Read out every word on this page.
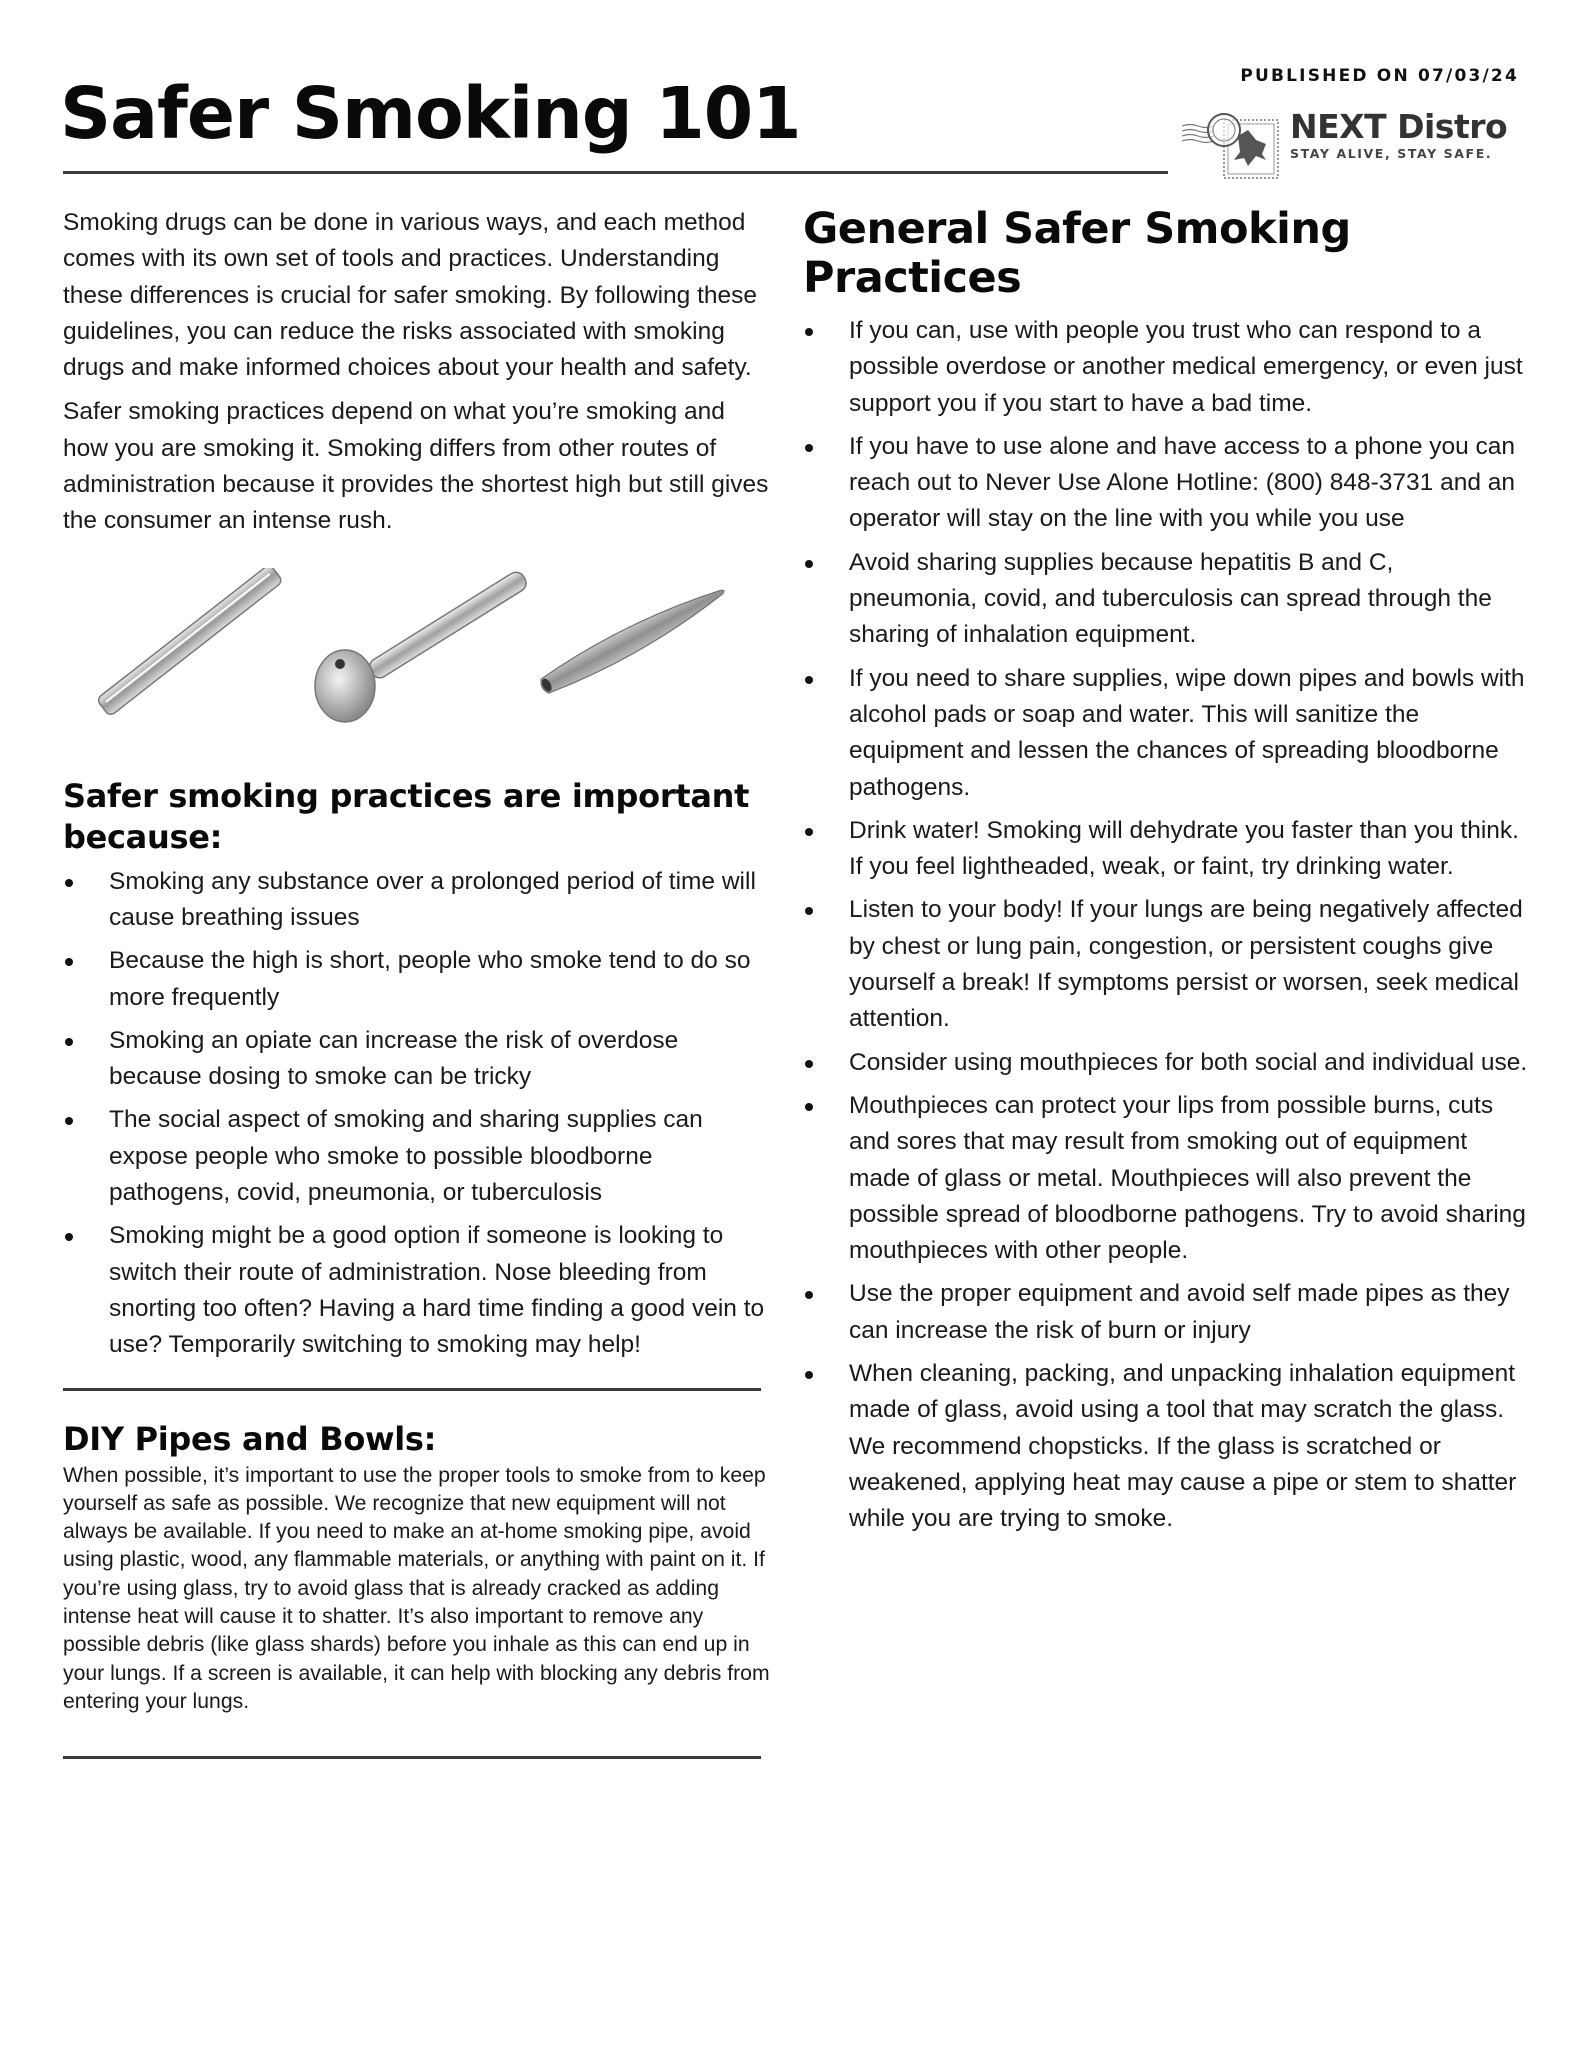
PUBLISHED ON 07/03/24
Safer Smoking 101	NEXT Distro
STAY ALIVE, STAY SAFE.

Smoking drugs can be done in various ways, and each method comes with its own set of tools and practices. Understanding these differences is crucial for safer smoking. By following these guidelines, you can reduce the risks associated with smoking drugs and make informed choices about your health and safety.

Safer smoking practices depend on what you’re smoking and how you are smoking it. Smoking differs from other routes of administration because it provides the shortest high but still gives the consumer an intense rush.

Safer smoking practices are important because:
Smoking any substance over a prolonged period of time will cause breathing issues
Because the high is short, people who smoke tend to do so more frequently
Smoking an opiate can increase the risk of overdose because dosing to smoke can be tricky
The social aspect of smoking and sharing supplies can expose people who smoke to possible bloodborne pathogens, covid, pneumonia, or tuberculosis
Smoking might be a good option if someone is looking to switch their route of administration. Nose bleeding from snorting too often? Having a hard time finding a good vein to use? Temporarily switching to smoking may help!
DIY Pipes and Bowls:

When possible, it’s important to use the proper tools to smoke from to keep yourself as safe as possible. We recognize that new equipment will not always be available. If you need to make an at-home smoking pipe, avoid using plastic, wood, any flammable materials, or anything with paint on it. If you’re using glass, try to avoid glass that is already cracked as adding intense heat will cause it to shatter. It’s also important to remove any possible debris (like glass shards) before you inhale as this can end up in your lungs. If a screen is available, it can help with blocking any debris from entering your lungs.

General Safer Smoking Practices
If you can, use with people you trust who can respond to a possible overdose or another medical emergency, or even just support you if you start to have a bad time.
If you have to use alone and have access to a phone you can reach out to Never Use Alone Hotline: (800) 848-3731 and an operator will stay on the line with you while you use
Avoid sharing supplies because hepatitis B and C, pneumonia, covid, and tuberculosis can spread through the sharing of inhalation equipment.
If you need to share supplies, wipe down pipes and bowls with alcohol pads or soap and water. This will sanitize the equipment and lessen the chances of spreading bloodborne pathogens.
Drink water! Smoking will dehydrate you faster than you think. If you feel lightheaded, weak, or faint, try drinking water.
Listen to your body! If your lungs are being negatively affected by chest or lung pain, congestion, or persistent coughs give yourself a break! If symptoms persist or worsen, seek medical attention.
Consider using mouthpieces for both social and individual use.
Mouthpieces can protect your lips from possible burns, cuts and sores that may result from smoking out of equipment made of glass or metal. Mouthpieces will also prevent the possible spread of bloodborne pathogens. Try to avoid sharing mouthpieces with other people.
Use the proper equipment and avoid self made pipes as they can increase the risk of burn or injury
When cleaning, packing, and unpacking inhalation equipment made of glass, avoid using a tool that may scratch the glass. We recommend chopsticks. If the glass is scratched or weakened, applying heat may cause a pipe or stem to shatter while you are trying to smoke.
